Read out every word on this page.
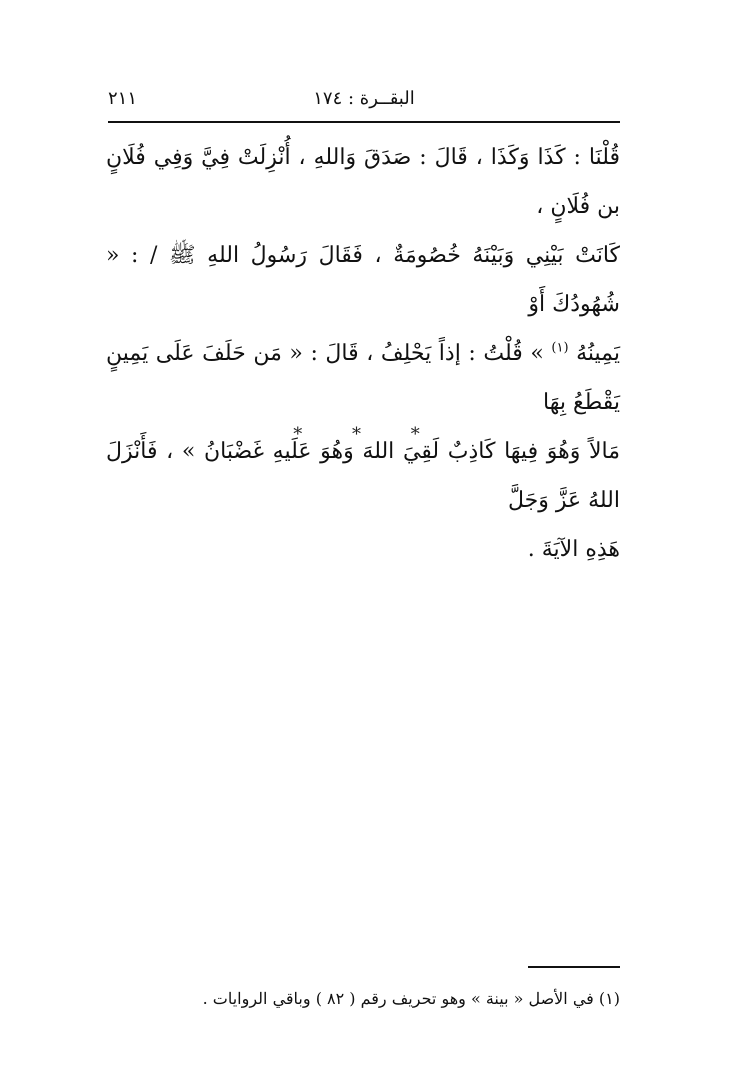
البقــرة : ١٧٤
٢١١
قُلْنَا : كَذَا وَكَذَا ، قَالَ : صَدَقَ وَاللهِ ، أُنْزِلَتْ فِيَّ وَفِي فُلَانٍ بن فُلَانٍ ،
كَانَتْ بَيْنِي وَبَيْنَهُ خُصُومَةٌ ، فَقَالَ رَسُولُ اللهِ ﷺ / : « شُهُودُكَ أَوْ
يَمِينُهُ $^{(١)}$ » قُلْتُ : إذاً يَحْلِفُ ، قَالَ : « مَن حَلَفَ عَلَى يَمِينٍ يَقْطَعُ بِهَا
مَالاً وَهُوَ فِيهَا كَاذِبٌ لَقِيَ اللهَ وَهُوَ عَلَيهِ غَضْبَانُ » ، فَأَنْزَلَ اللهُ عَزَّ وَجَلَّ
هَذِهِ الآيَةَ .
* * *
(١) في الأصل « بينة » وهو تحريف رقم ( ٨٢ ) وباقي الروايات .
